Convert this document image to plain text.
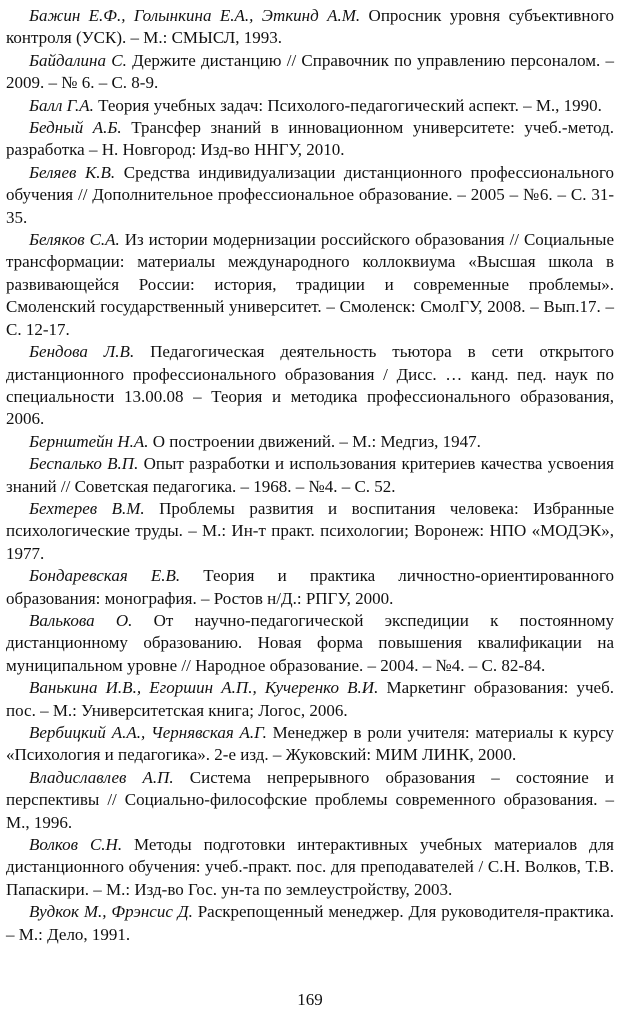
Бажин Е.Ф., Голынкина Е.А., Эткинд А.М. Опросник уровня субъективного контроля (УСК). – М.: СМЫСЛ, 1993.

Байдалина С. Держите дистанцию // Справочник по управлению персоналом. – 2009. – № 6. – С. 8-9.

Балл Г.А. Теория учебных задач: Психолого-педагогический аспект. – М., 1990.

Бедный А.Б. Трансфер знаний в инновационном университете: учеб.-метод. разработка – Н. Новгород: Изд-во ННГУ, 2010.

Беляев К.В. Средства индивидуализации дистанционного профессионального обучения // Дополнительное профессиональное образование. – 2005 – №6. – С. 31-35.

Беляков С.А. Из истории модернизации российского образования // Социальные трансформации: материалы международного коллоквиума «Высшая школа в развивающейся России: история, традиции и современные проблемы». Смоленский государственный университет. – Смоленск: СмолГУ, 2008. – Вып.17. – С. 12-17.

Бендова Л.В. Педагогическая деятельность тьютора в сети открытого дистанционного профессионального образования / Дисс. … канд. пед. наук по специальности 13.00.08 – Теория и методика профессионального образования, 2006.

Бернштейн Н.А. О построении движений. – М.: Медгиз, 1947.

Беспалько В.П. Опыт разработки и использования критериев качества усвоения знаний // Советская педагогика. – 1968. – №4. – С. 52.

Бехтерев В.М. Проблемы развития и воспитания человека: Избранные психологические труды. – М.: Ин-т практ. психологии; Воронеж: НПО «МОДЭК», 1977.

Бондаревская Е.В. Теория и практика личностно-ориентированного образования: монография. – Ростов н/Д.: РПГУ, 2000.

Валькова О. От научно-педагогической экспедиции к постоянному дистанционному образованию. Новая форма повышения квалификации на муниципальном уровне // Народное образование. – 2004. – №4. – С. 82-84.

Ванькина И.В., Егоршин А.П., Кучеренко В.И. Маркетинг образования: учеб. пос. – М.: Университетская книга; Логос, 2006.

Вербицкий А.А., Чернявская А.Г. Менеджер в роли учителя: материалы к курсу «Психология и педагогика». 2-е изд. – Жуковский: МИМ ЛИНК, 2000.

Владиславлев А.П. Система непрерывного образования – состояние и перспективы // Социально-философские проблемы современного образования. – М., 1996.

Волков С.Н. Методы подготовки интерактивных учебных материалов для дистанционного обучения: учеб.-практ. пос. для преподавателей / С.Н. Волков, Т.В. Папаскири. – М.: Изд-во Гос. ун-та по землеустройству, 2003.

Вудкок М., Фрэнсис Д. Раскрепощенный менеджер. Для руководителя-практика. – М.: Дело, 1991.

169
